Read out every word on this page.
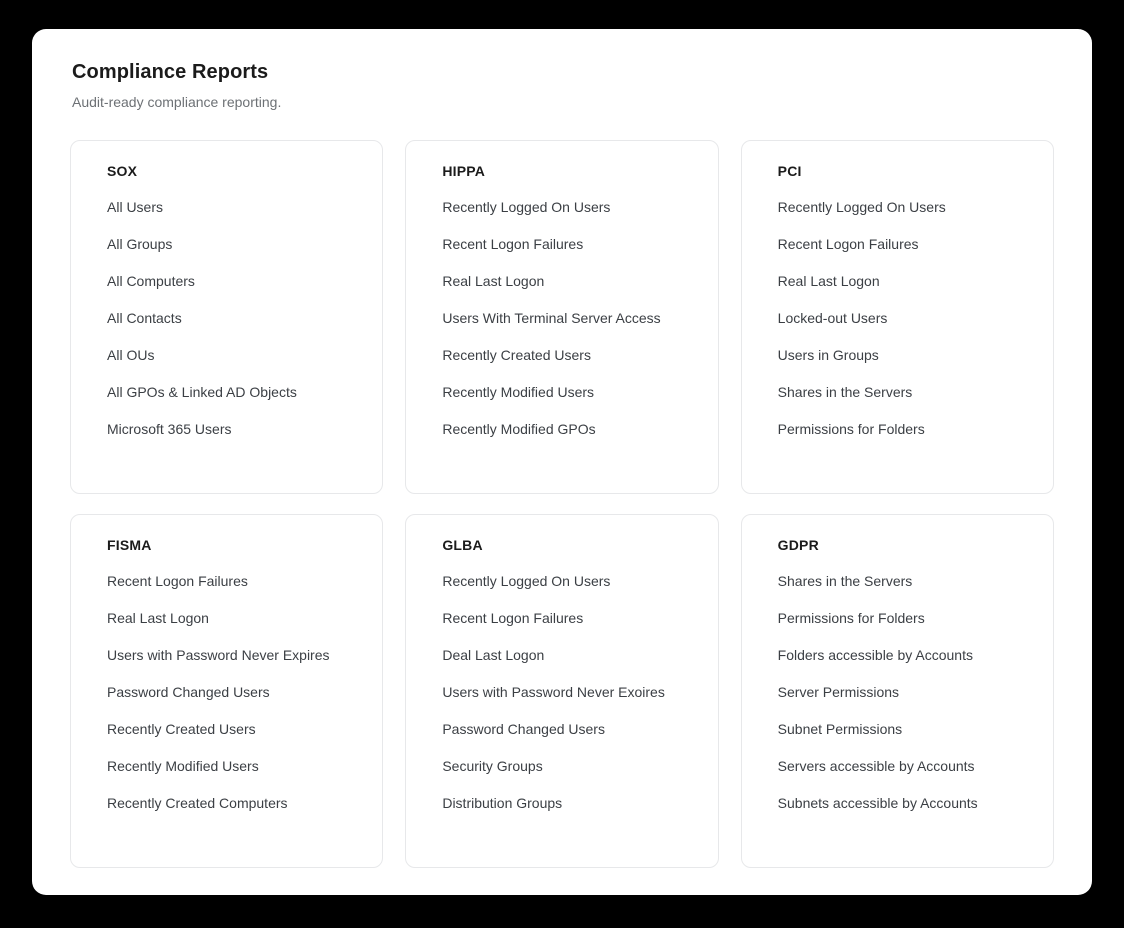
Compliance Reports

Audit-ready compliance reporting.

SOX
All Users
All Groups
All Computers
All Contacts
All OUs
All GPOs & Linked AD Objects
Microsoft 365 Users
HIPPA
Recently Logged On Users
Recent Logon Failures
Real Last Logon
Users With Terminal Server Access
Recently Created Users
Recently Modified Users
Recently Modified GPOs
PCI
Recently Logged On Users
Recent Logon Failures
Real Last Logon
Locked-out Users
Users in Groups
Shares in the Servers
Permissions for Folders
FISMA
Recent Logon Failures
Real Last Logon
Users with Password Never Expires
Password Changed Users
Recently Created Users
Recently Modified Users
Recently Created Computers
GLBA
Recently Logged On Users
Recent Logon Failures
Deal Last Logon
Users with Password Never Exoires
Password Changed Users
Security Groups
Distribution Groups
GDPR
Shares in the Servers
Permissions for Folders
Folders accessible by Accounts
Server Permissions
Subnet Permissions
Servers accessible by Accounts
Subnets accessible by Accounts
